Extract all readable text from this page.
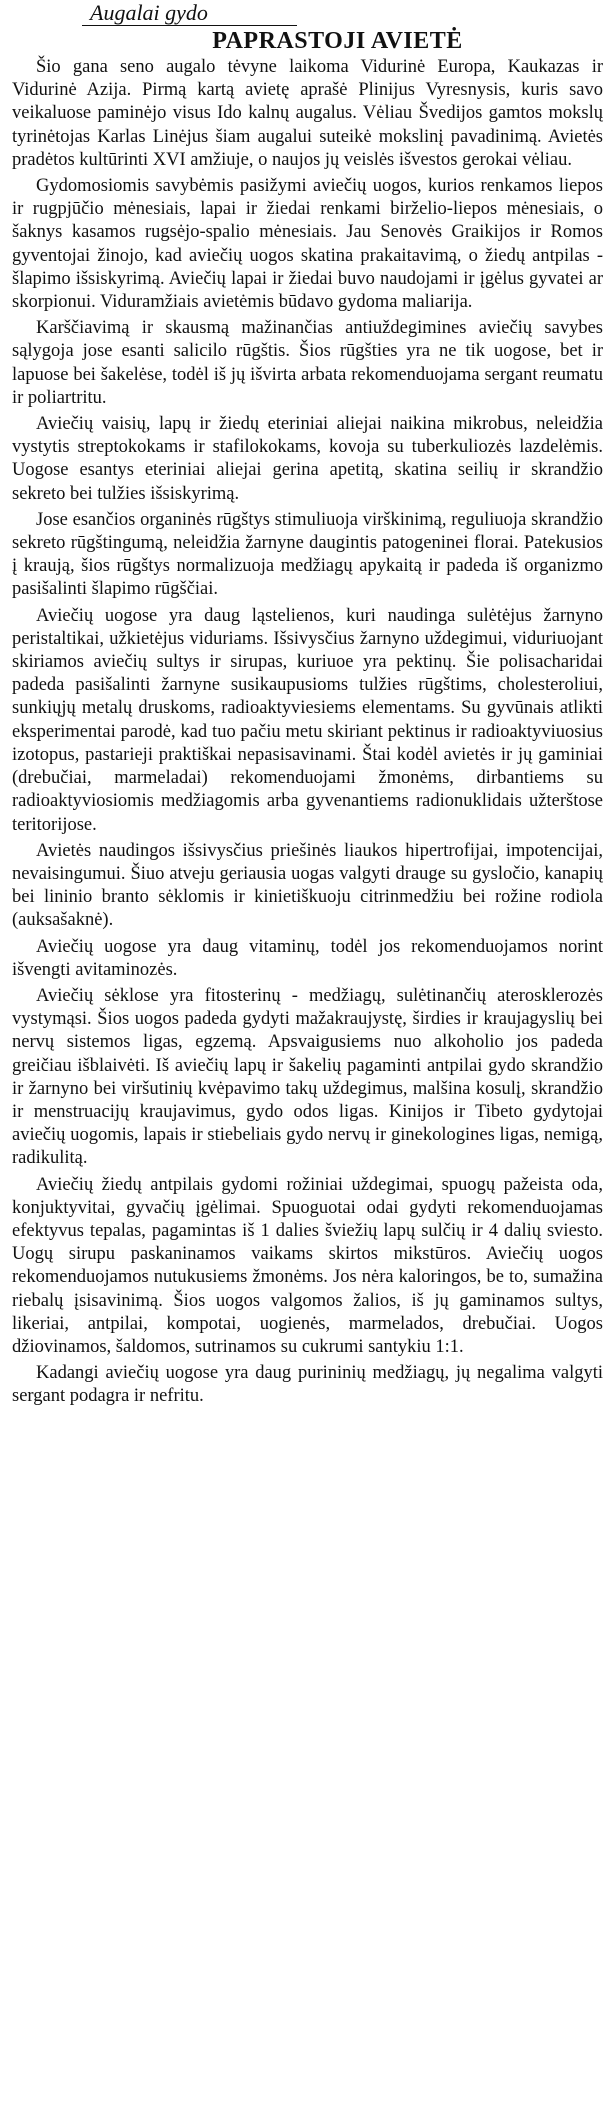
Augalai gydo
PAPRASTOJI AVIETĖ

Šio gana seno augalo tėvyne laikoma Vidurinė Europa, Kaukazas ir Vidurinė Azija. Pirmą kartą avietę aprašė Plinijus Vyresnysis, kuris savo veikaluose paminėjo visus Ido kalnų augalus. Vėliau Švedijos gamtos mokslų tyrinėtojas Karlas Linėjus šiam augalui suteikė mokslinį pavadinimą. Avietės pradėtos kultūrinti XVI amžiuje, o naujos jų veislės išvestos gerokai vėliau.

Gydomosiomis savybėmis pasižymi aviečių uogos, kurios renkamos liepos ir rugpjūčio mėnesiais, lapai ir žiedai renkami birželio-liepos mėnesiais, o šaknys kasamos rugsėjo-spalio mėnesiais. Jau Senovės Graikijos ir Romos gyventojai žinojo, kad aviečių uogos skatina prakaitavimą, o žiedų antpilas - šlapimo išsiskyrimą. Aviečių lapai ir žiedai buvo naudojami ir įgėlus gyvatei ar skorpionui. Viduramžiais avietėmis būdavo gydoma maliarija.

Karščiavimą ir skausmą mažinančias antiuždegimines aviečių savybes sąlygoja jose esanti salicilo rūgštis. Šios rūgšties yra ne tik uogose, bet ir lapuose bei šakelėse, todėl iš jų išvirta arbata rekomenduojama sergant reumatu ir poliartritu.

Aviečių vaisių, lapų ir žiedų eteriniai aliejai naikina mikrobus, neleidžia vystytis streptokokams ir stafilokokams, kovoja su tuberkuliozės lazdelėmis. Uogose esantys eteriniai aliejai gerina apetitą, skatina seilių ir skrandžio sekreto bei tulžies išsiskyrimą.

Jose esančios organinės rūgštys stimuliuoja virškinimą, reguliuoja skrandžio sekreto rūgštingumą, neleidžia žarnyne daugintis patogeninei florai. Patekusios į kraują, šios rūgštys normalizuoja medžiagų apykaitą ir padeda iš organizmo pasišalinti šlapimo rūgščiai.

Aviečių uogose yra daug ląstelienos, kuri naudinga sulėtėjus žarnyno peristaltikai, užkietėjus viduriams. Išsivysčius žarnyno uždegimui, viduriuojant skiriamos aviečių sultys ir sirupas, kuriuoe yra pektinų. Šie polisacharidai padeda pasišalinti žarnyne susikaupusioms tulžies rūgštims, cholesteroliui, sunkiųjų metalų druskoms, radioaktyviesiems elementams. Su gyvūnais atlikti eksperimentai parodė, kad tuo pačiu metu skiriant pektinus ir radioaktyviuosius izotopus, pastarieji praktiškai nepasisavinami. Štai kodėl avietės ir jų gaminiai (drebučiai, marmeladai) rekomenduojami žmonėms, dirbantiems su radioaktyviosiomis medžiagomis arba gyvenantiems radionuklidais užterštose teritorijose.

Avietės naudingos išsivysčius priešinės liaukos hipertrofijai, impotencijai, nevaisingumui. Šiuo atveju geriausia uogas valgyti drauge su gysločio, kanapių bei lininio branto sėklomis ir kinietiškuoju citrinmedžiu bei rožine rodiola (auksašaknė).

Aviečių uogose yra daug vitaminų, todėl jos rekomenduojamos norint išvengti avitaminozės.

Aviečių sėklose yra fitosterinų - medžiagų, sulėtinančių aterosklerozės vystymąsi. Šios uogos padeda gydyti mažakraujystę, širdies ir kraujagyslių bei nervų sistemos ligas, egzemą. Apsvaigusiems nuo alkoholio jos padeda greičiau išblaivėti. Iš aviečių lapų ir šakelių pagaminti antpilai gydo skrandžio ir žarnyno bei viršutinių kvėpavimo takų uždegimus, malšina kosulį, skrandžio ir menstruacijų kraujavimus, gydo odos ligas. Kinijos ir Tibeto gydytojai aviečių uogomis, lapais ir stiebeliais gydo nervų ir ginekologines ligas, nemigą, radikulitą.

Aviečių žiedų antpilais gydomi rožiniai uždegimai, spuogų pažeista oda, konjuktyvitai, gyvačių įgėlimai. Spuoguotai odai gydyti rekomenduojamas efektyvus tepalas, pagamintas iš 1 dalies šviežių lapų sulčių ir 4 dalių sviesto. Uogų sirupu paskaninamos vaikams skirtos mikstūros. Aviečių uogos rekomenduojamos nutukusiems žmonėms. Jos nėra kaloringos, be to, sumažina riebalų įsisavinimą. Šios uogos valgomos žalios, iš jų gaminamos sultys, likeriai, antpilai, kompotai, uogienės, marmelados, drebučiai. Uogos džiovinamos, šaldomos, sutrinamos su cukrumi santykiu 1:1.

Kadangi aviečių uogose yra daug purininių medžiagų, jų negalima valgyti sergant podagra ir nefritu.
